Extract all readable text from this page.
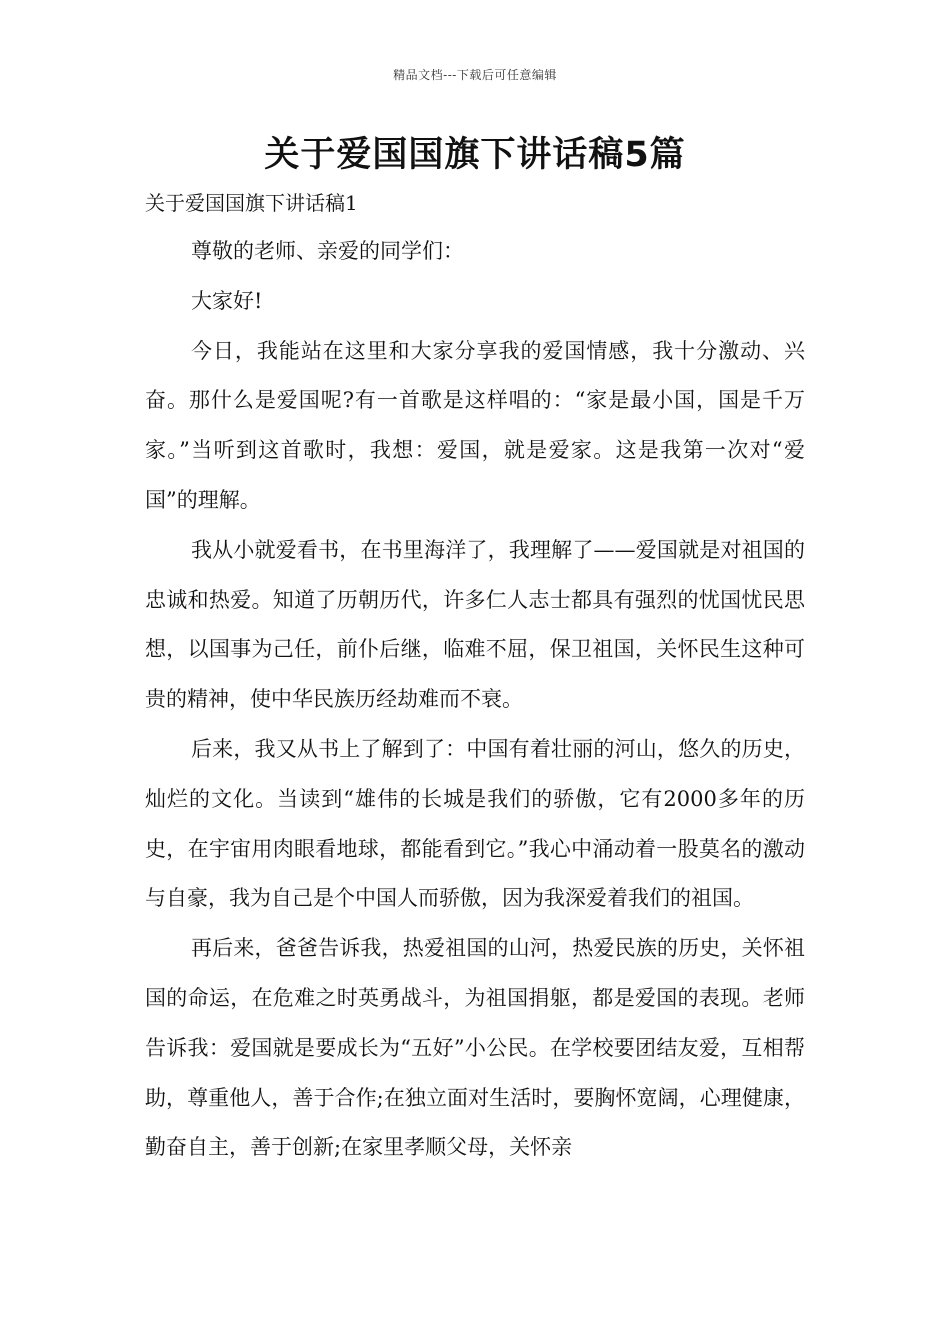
精品文档---下载后可任意编辑
关于爱国国旗下讲话稿5篇
关于爱国国旗下讲话稿1

尊敬的老师、亲爱的同学们：

大家好!

今日，我能站在这里和大家分享我的爱国情感，我十分激动、兴奋。那什么是爱国呢?有一首歌是这样唱的：“家是最小国，国是千万家。”当听到这首歌时，我想：爱国，就是爱家。这是我第一次对“爱国”的理解。

我从小就爱看书，在书里海洋了，我理解了——爱国就是对祖国的忠诚和热爱。知道了历朝历代，许多仁人志士都具有强烈的忧国忧民思想，以国事为己任，前仆后继，临难不屈，保卫祖国，关怀民生这种可贵的精神，使中华民族历经劫难而不衰。

后来，我又从书上了解到了：中国有着壮丽的河山，悠久的历史，灿烂的文化。当读到“雄伟的长城是我们的骄傲，它有2000多年的历史，在宇宙用肉眼看地球，都能看到它。”我心中涌动着一股莫名的激动与自豪，我为自己是个中国人而骄傲，因为我深爱着我们的祖国。

再后来，爸爸告诉我，热爱祖国的山河，热爱民族的历史，关怀祖国的命运，在危难之时英勇战斗，为祖国捐躯，都是爱国的表现。老师告诉我：爱国就是要成长为“五好”小公民。在学校要团结友爱，互相帮助，尊重他人，善于合作;在独立面对生活时，要胸怀宽阔，心理健康，勤奋自主，善于创新;在家里孝顺父母，关怀亲
